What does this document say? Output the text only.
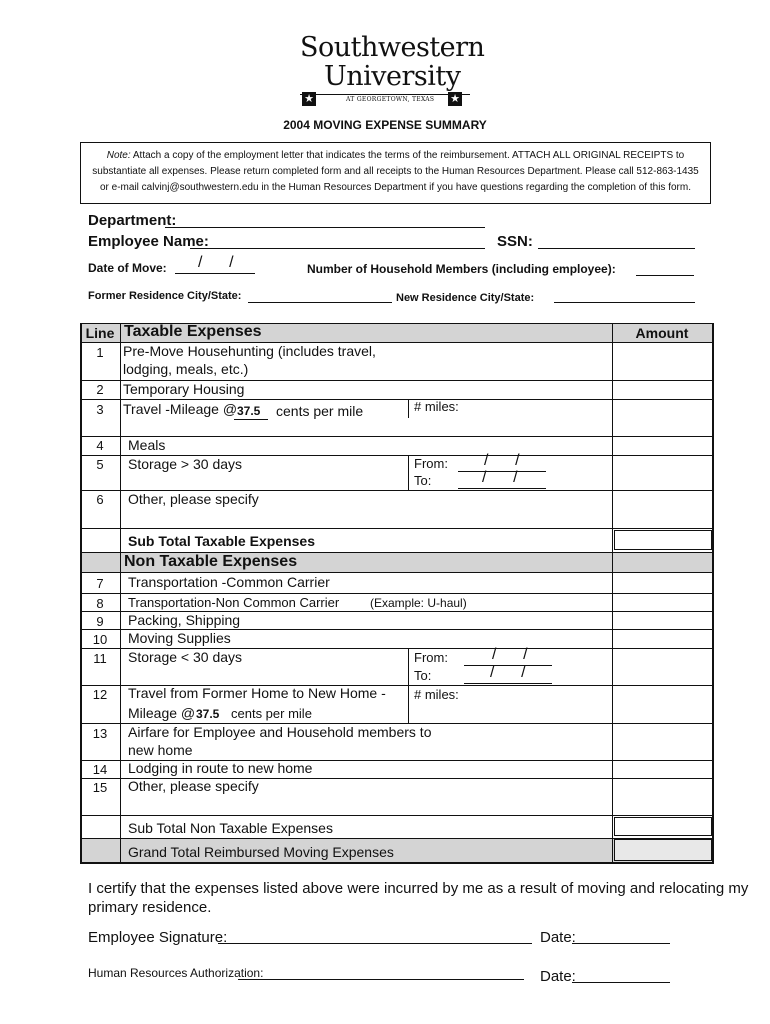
Southwestern
University
★	AT GEORGETOWN, TEXAS ★
2004 MOVING EXPENSE SUMMARY
Note: Attach a copy of the employment letter that indicates the terms of the reimbursement. ATTACH ALL ORIGINAL RECEIPTS to
substantiate all expenses. Please return completed form and all receipts to the Human Resources Department. Please call 512-863-1435
or e-mail calvinj@southwestern.edu in the Human Resources Department if you have questions regarding the completion of this form.
Department:
Employee Name:	SSN:
Date of Move: /      /	Number of Household Members (including employee):
Former Residence City/State:	New Residence City/State:
Line Taxable Expenses	Amount
1	Pre-Move Househunting (includes travel,
lodging, meals, etc.)
2	Temporary Housing
3	Travel -Mileage @ 37.5 cents per mile	# miles:
4	Meals
5	Storage > 30 days	From: /      /
To:	/      /
6	Other, please specify
Sub Total Taxable Expenses
Non Taxable Expenses
7	Transportation -Common Carrier
8	Transportation-Non Common Carrier	(Example: U-haul)
9	Packing, Shipping
10	Moving Supplies
11	Storage < 30 days	From:	/      /
To:	/      /
12	Travel from Former Home to New Home -
Mileage @ 37.5 cents per mile
# miles:
13	Airfare for Employee and Household members to
new home
14	Lodging in route to new home
15	Other, please specify
Sub Total Non Taxable Expenses
Grand Total Reimbursed Moving Expenses
I certify that the expenses listed above were incurred by me as a result of moving and relocating my
primary residence.
Employee Signature:	Date:
Human Resources Authorization:	Date:
